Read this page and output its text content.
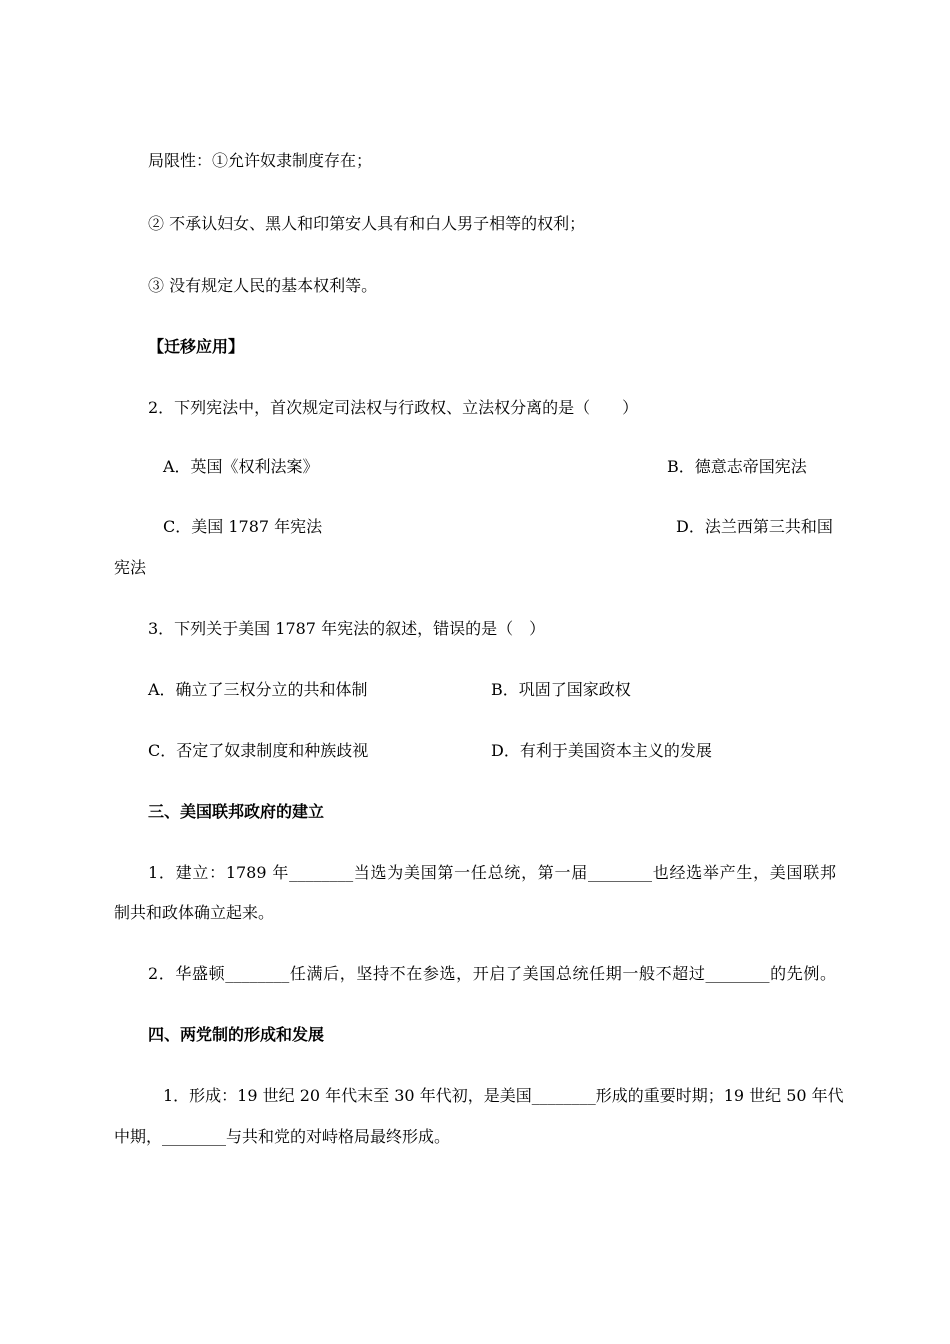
局限性：①允许奴隶制度存在；
② 不承认妇女、黑人和印第安人具有和白人男子相等的权利；
③ 没有规定人民的基本权利等。
【迁移应用】
2．下列宪法中，首次规定司法权与行政权、立法权分离的是（　　）
A．英国《权利法案》	B．德意志帝国宪法
C．美国 1787 年宪法	D．法兰西第三共和国
宪法
3．下列关于美国 1787 年宪法的叙述，错误的是（　）
A．确立了三权分立的共和体制	B．巩固了国家政权
C．否定了奴隶制度和种族歧视	D．有利于美国资本主义的发展
三、美国联邦政府的建立
1．建立：1789 年________当选为美国第一任总统，第一届________也经选举产生，美国联邦
制共和政体确立起来。
2．华盛顿________任满后，坚持不在参选，开启了美国总统任期一般不超过________的先例。
四、两党制的形成和发展
1．形成：19 世纪 20 年代末至 30 年代初，是美国________形成的重要时期；19 世纪 50 年代
中期，________与共和党的对峙格局最终形成。
